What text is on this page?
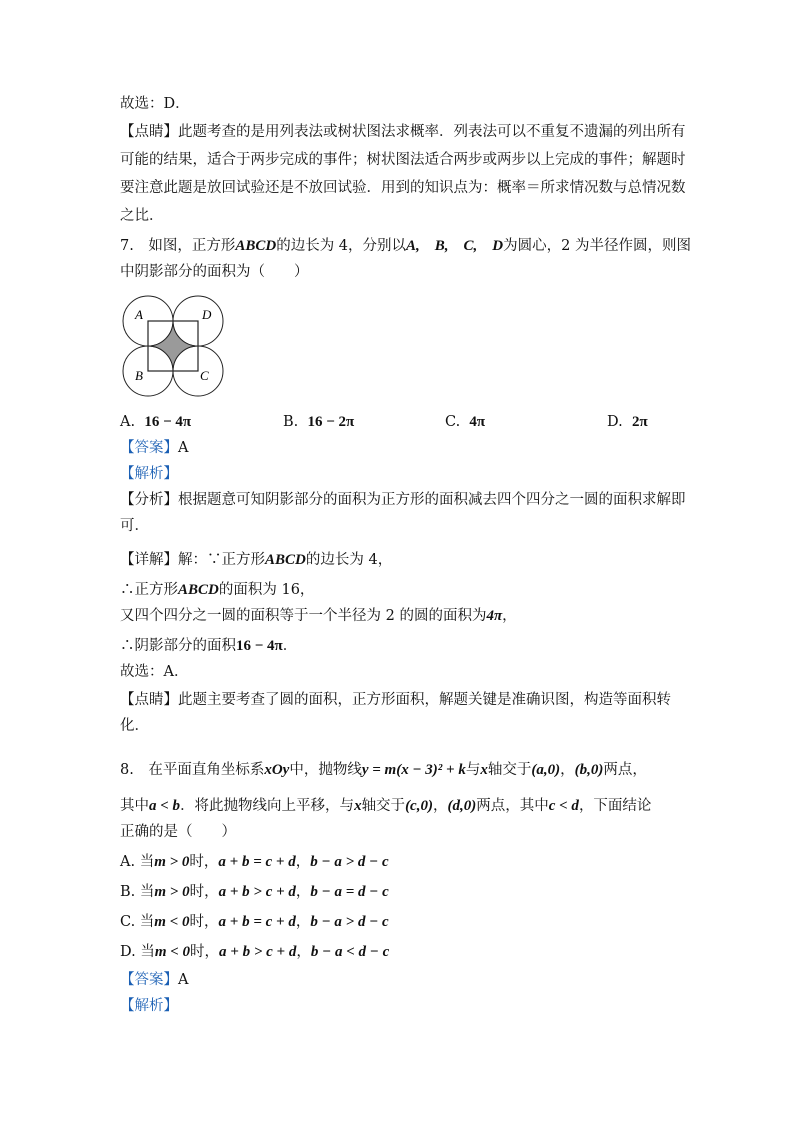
故选：D．
【点睛】此题考查的是用列表法或树状图法求概率．列表法可以不重复不遗漏的列出所有
可能的结果，适合于两步完成的事件；树状图法适合两步或两步以上完成的事件；解题时
要注意此题是放回试验还是不放回试验．用到的知识点为：概率＝所求情况数与总情况数
之比．
7.　如图，正方形ABCD的边长为 4，分别以A,　B,　C,　D为圆心，2 为半径作圆，则图
中阴影部分的面积为（　　）
A	D
B	C
A. 16 − 4π	B. 16 − 2π	C. 4π	D. 2π
【答案】A
【解析】
【分析】根据题意可知阴影部分的面积为正方形的面积减去四个四分之一圆的面积求解即
可．
【详解】解：∵正方形ABCD的边长为 4，
∴正方形ABCD的面积为 16，
又四个四分之一圆的面积等于一个半径为 2 的圆的面积为4π，
∴阴影部分的面积16 − 4π．
故选：A．
【点睛】此题主要考查了圆的面积，正方形面积，解题关键是准确识图，构造等面积转
化．
8.　在平面直角坐标系xOy中，抛物线y = m(x − 3)² + k与x轴交于(a,0)，(b,0)两点，
其中a < b．将此抛物线向上平移，与x轴交于(c,0)，(d,0)两点，其中c < d，下面结论
正确的是（　　）
A. 当m > 0时，a + b = c + d，b − a > d − c
B. 当m > 0时，a + b > c + d，b − a = d − c
C. 当m < 0时，a + b = c + d，b − a > d − c
D. 当m < 0时，a + b > c + d，b − a < d − c
【答案】A
【解析】
